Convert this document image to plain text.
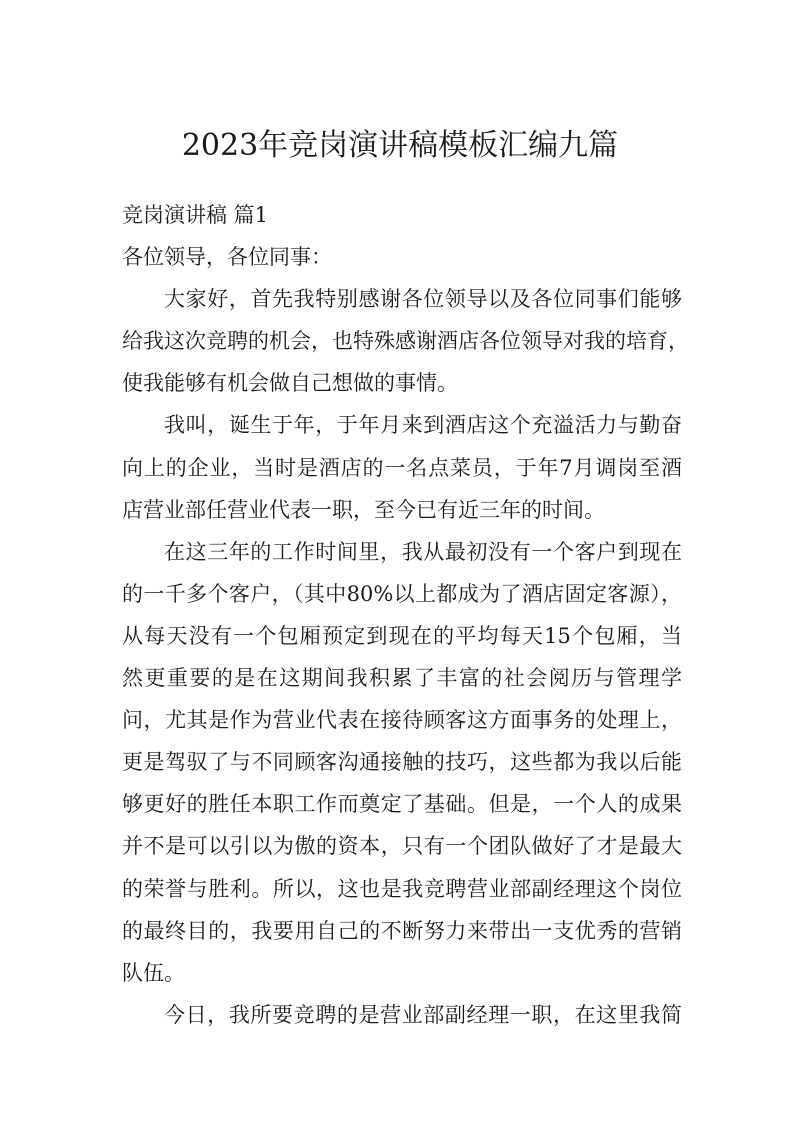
2023年竞岗演讲稿模板汇编九篇
竞岗演讲稿 篇1
各位领导，各位同事：
大家好，首先我特别感谢各位领导以及各位同事们能够
给我这次竞聘的机会，也特殊感谢酒店各位领导对我的培育，
使我能够有机会做自己想做的事情。
我叫，诞生于年，于年月来到酒店这个充溢活力与勤奋
向上的企业，当时是酒店的一名点菜员，于年7月调岗至酒
店营业部任营业代表一职，至今已有近三年的时间。
在这三年的工作时间里，我从最初没有一个客户到现在
的一千多个客户，（其中80%以上都成为了酒店固定客源），
从每天没有一个包厢预定到现在的平均每天15个包厢，当
然更重要的是在这期间我积累了丰富的社会阅历与管理学
问，尤其是作为营业代表在接待顾客这方面事务的处理上，
更是驾驭了与不同顾客沟通接触的技巧，这些都为我以后能
够更好的胜任本职工作而奠定了基础。但是，一个人的成果
并不是可以引以为傲的资本，只有一个团队做好了才是最大
的荣誉与胜利。所以，这也是我竞聘营业部副经理这个岗位
的最终目的，我要用自己的不断努力来带出一支优秀的营销
队伍。
今日，我所要竞聘的是营业部副经理一职，在这里我简
